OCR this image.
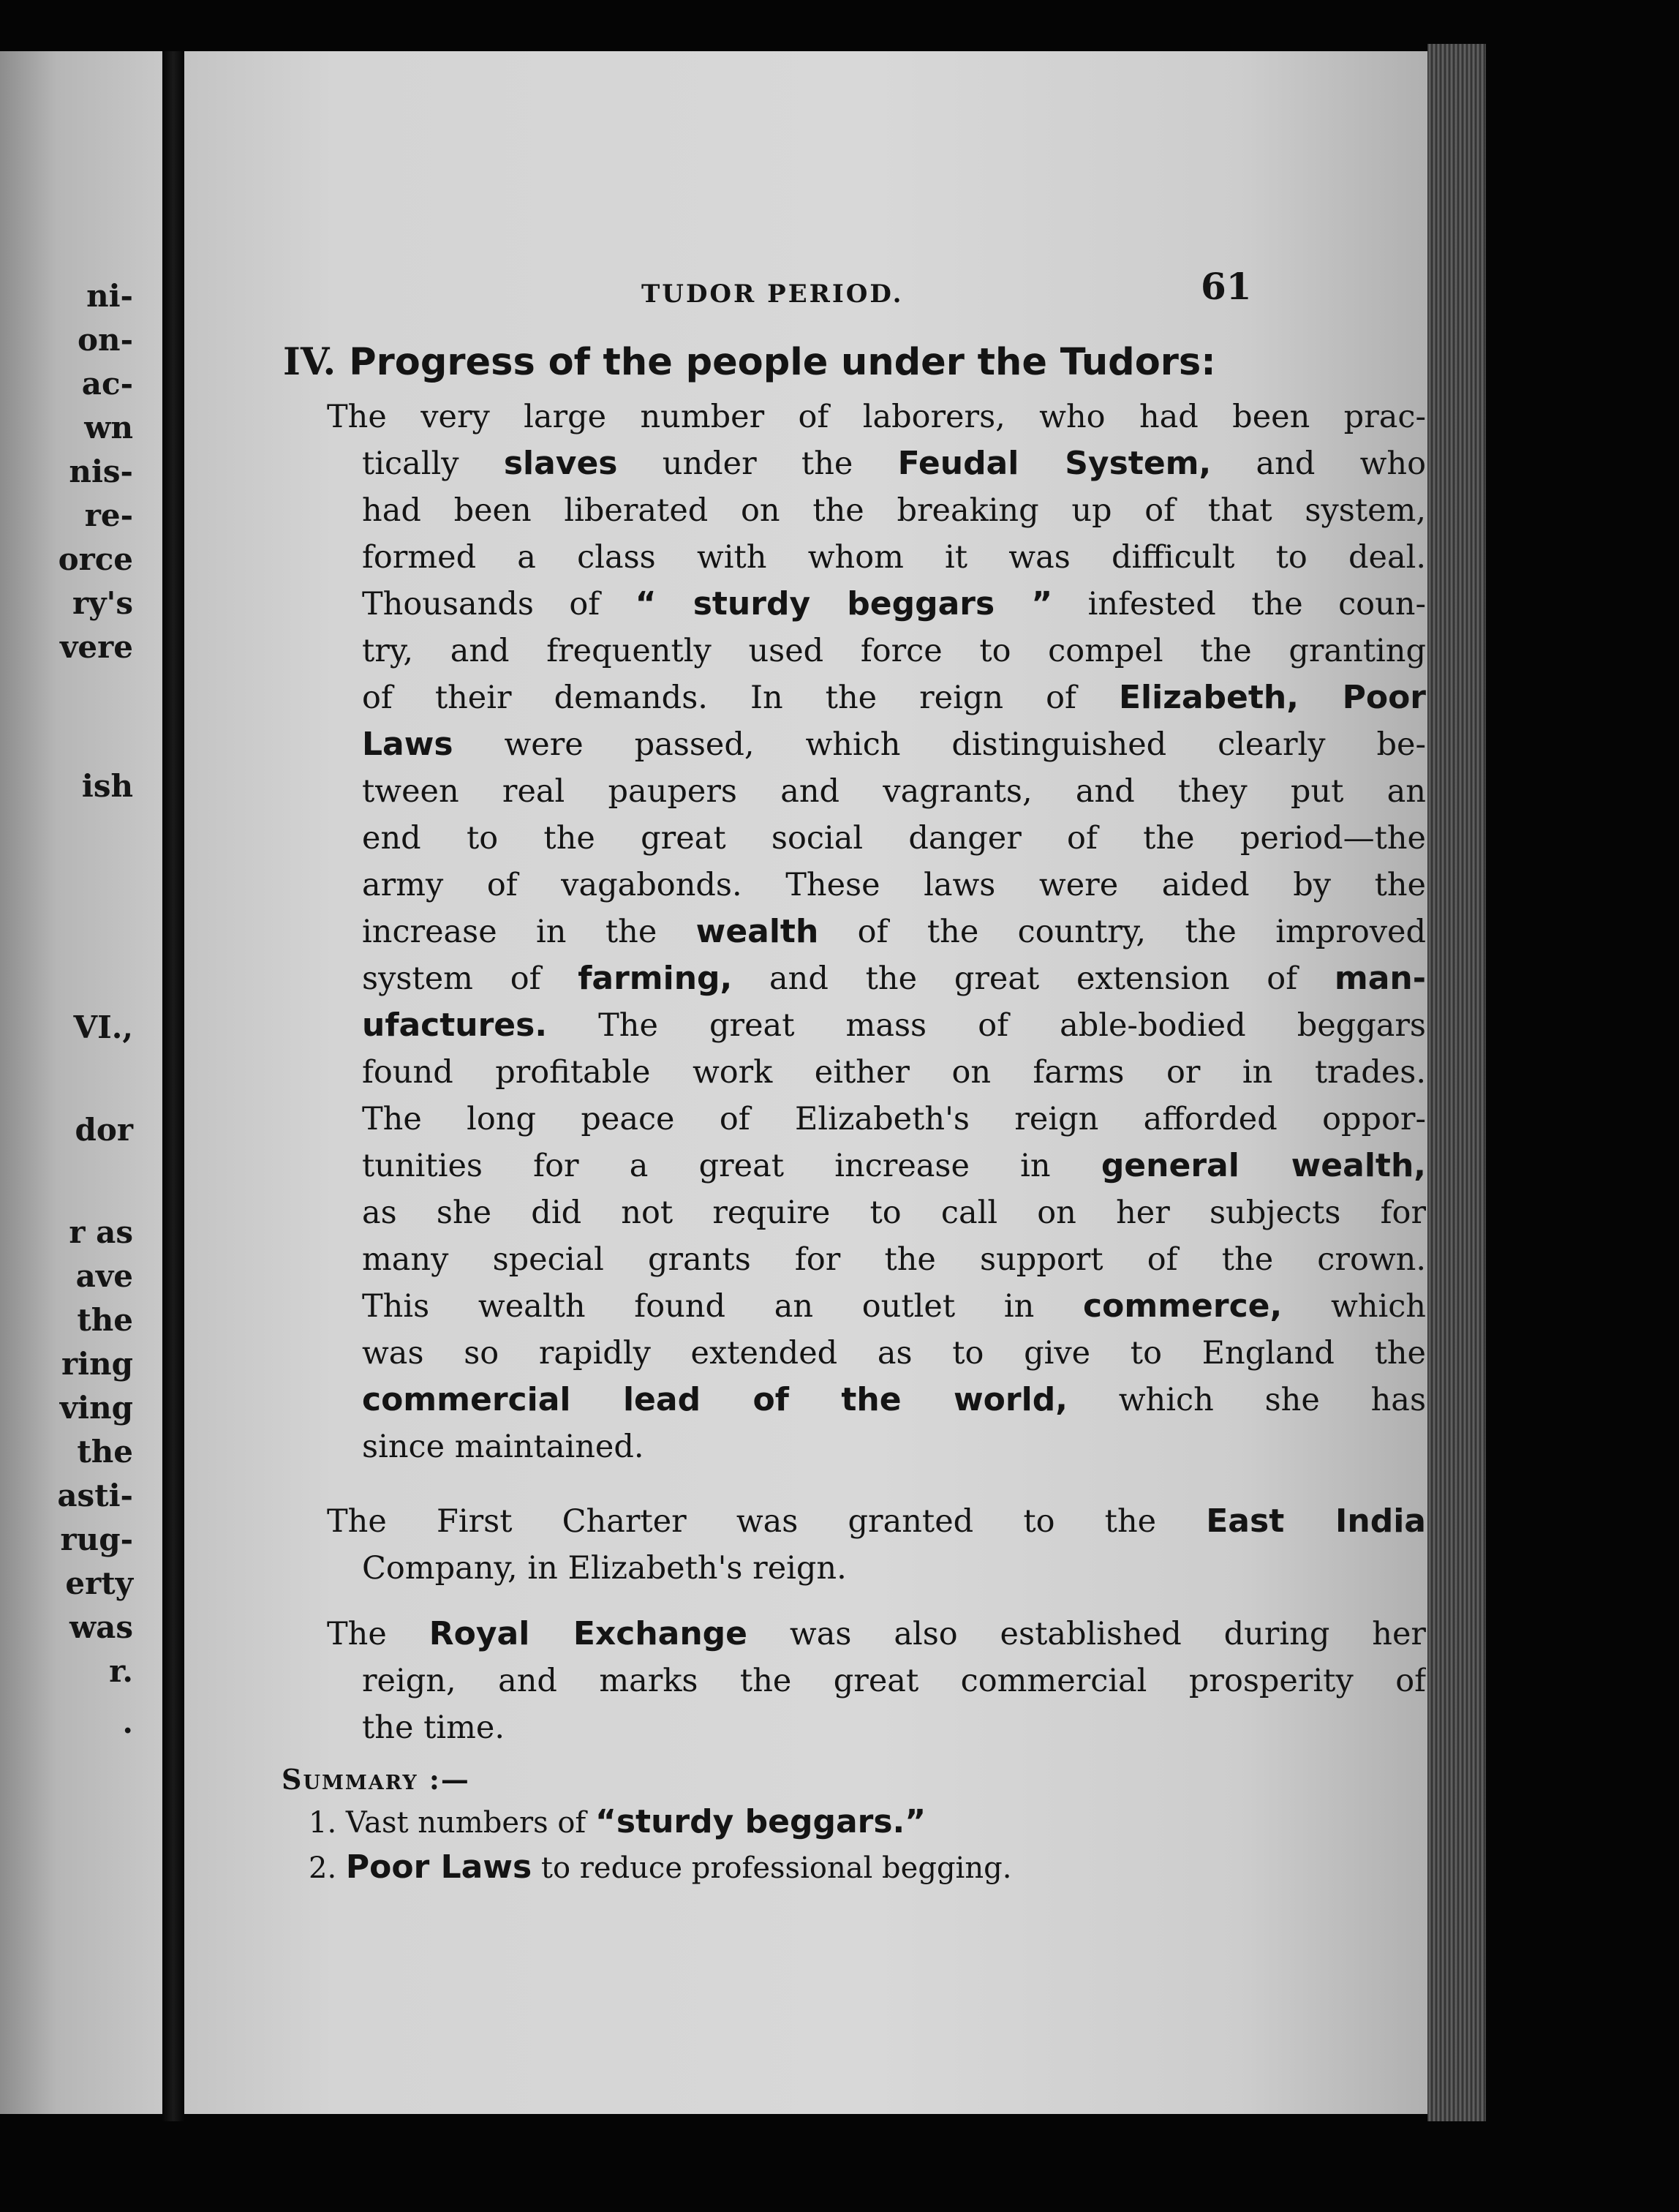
ni-
on-
ac-
wn
nis-
re-
orce
ry's
vere
ish
VI.,
dor
r as
ave
the
ring
ving
the
asti-
rug-
erty
was
r.
.
TUDOR PERIOD.	61
IV. Progress of the people under the Tudors:
The very large number of laborers, who had been prac-
tically slaves under the Feudal System, and who
had been liberated on the breaking up of that system,
formed a class with whom it was difficult to deal.
Thousands of “ sturdy beggars ” infested the coun-
try, and frequently used force to compel the granting
of their demands. In the reign of Elizabeth, Poor
Laws were passed, which distinguished clearly be-
tween real paupers and vagrants, and they put an
end to the great social danger of the period—the
army of vagabonds. These laws were aided by the
increase in the wealth of the country, the improved
system of farming, and the great extension of man-
ufactures. The great mass of able-bodied beggars
found profitable work either on farms or in trades.
The long peace of Elizabeth's reign afforded oppor-
tunities for a great increase in general wealth,
as she did not require to call on her subjects for
many special grants for the support of the crown.
This wealth found an outlet in commerce, which
was so rapidly extended as to give to England the
commercial lead of the world, which she has
since maintained.
The First Charter was granted to the East India
Company, in Elizabeth's reign.
The Royal Exchange was also established during her
reign, and marks the great commercial prosperity of
the time.
Summary :—
1. Vast numbers of “sturdy beggars.”
2. Poor Laws to reduce professional begging.
